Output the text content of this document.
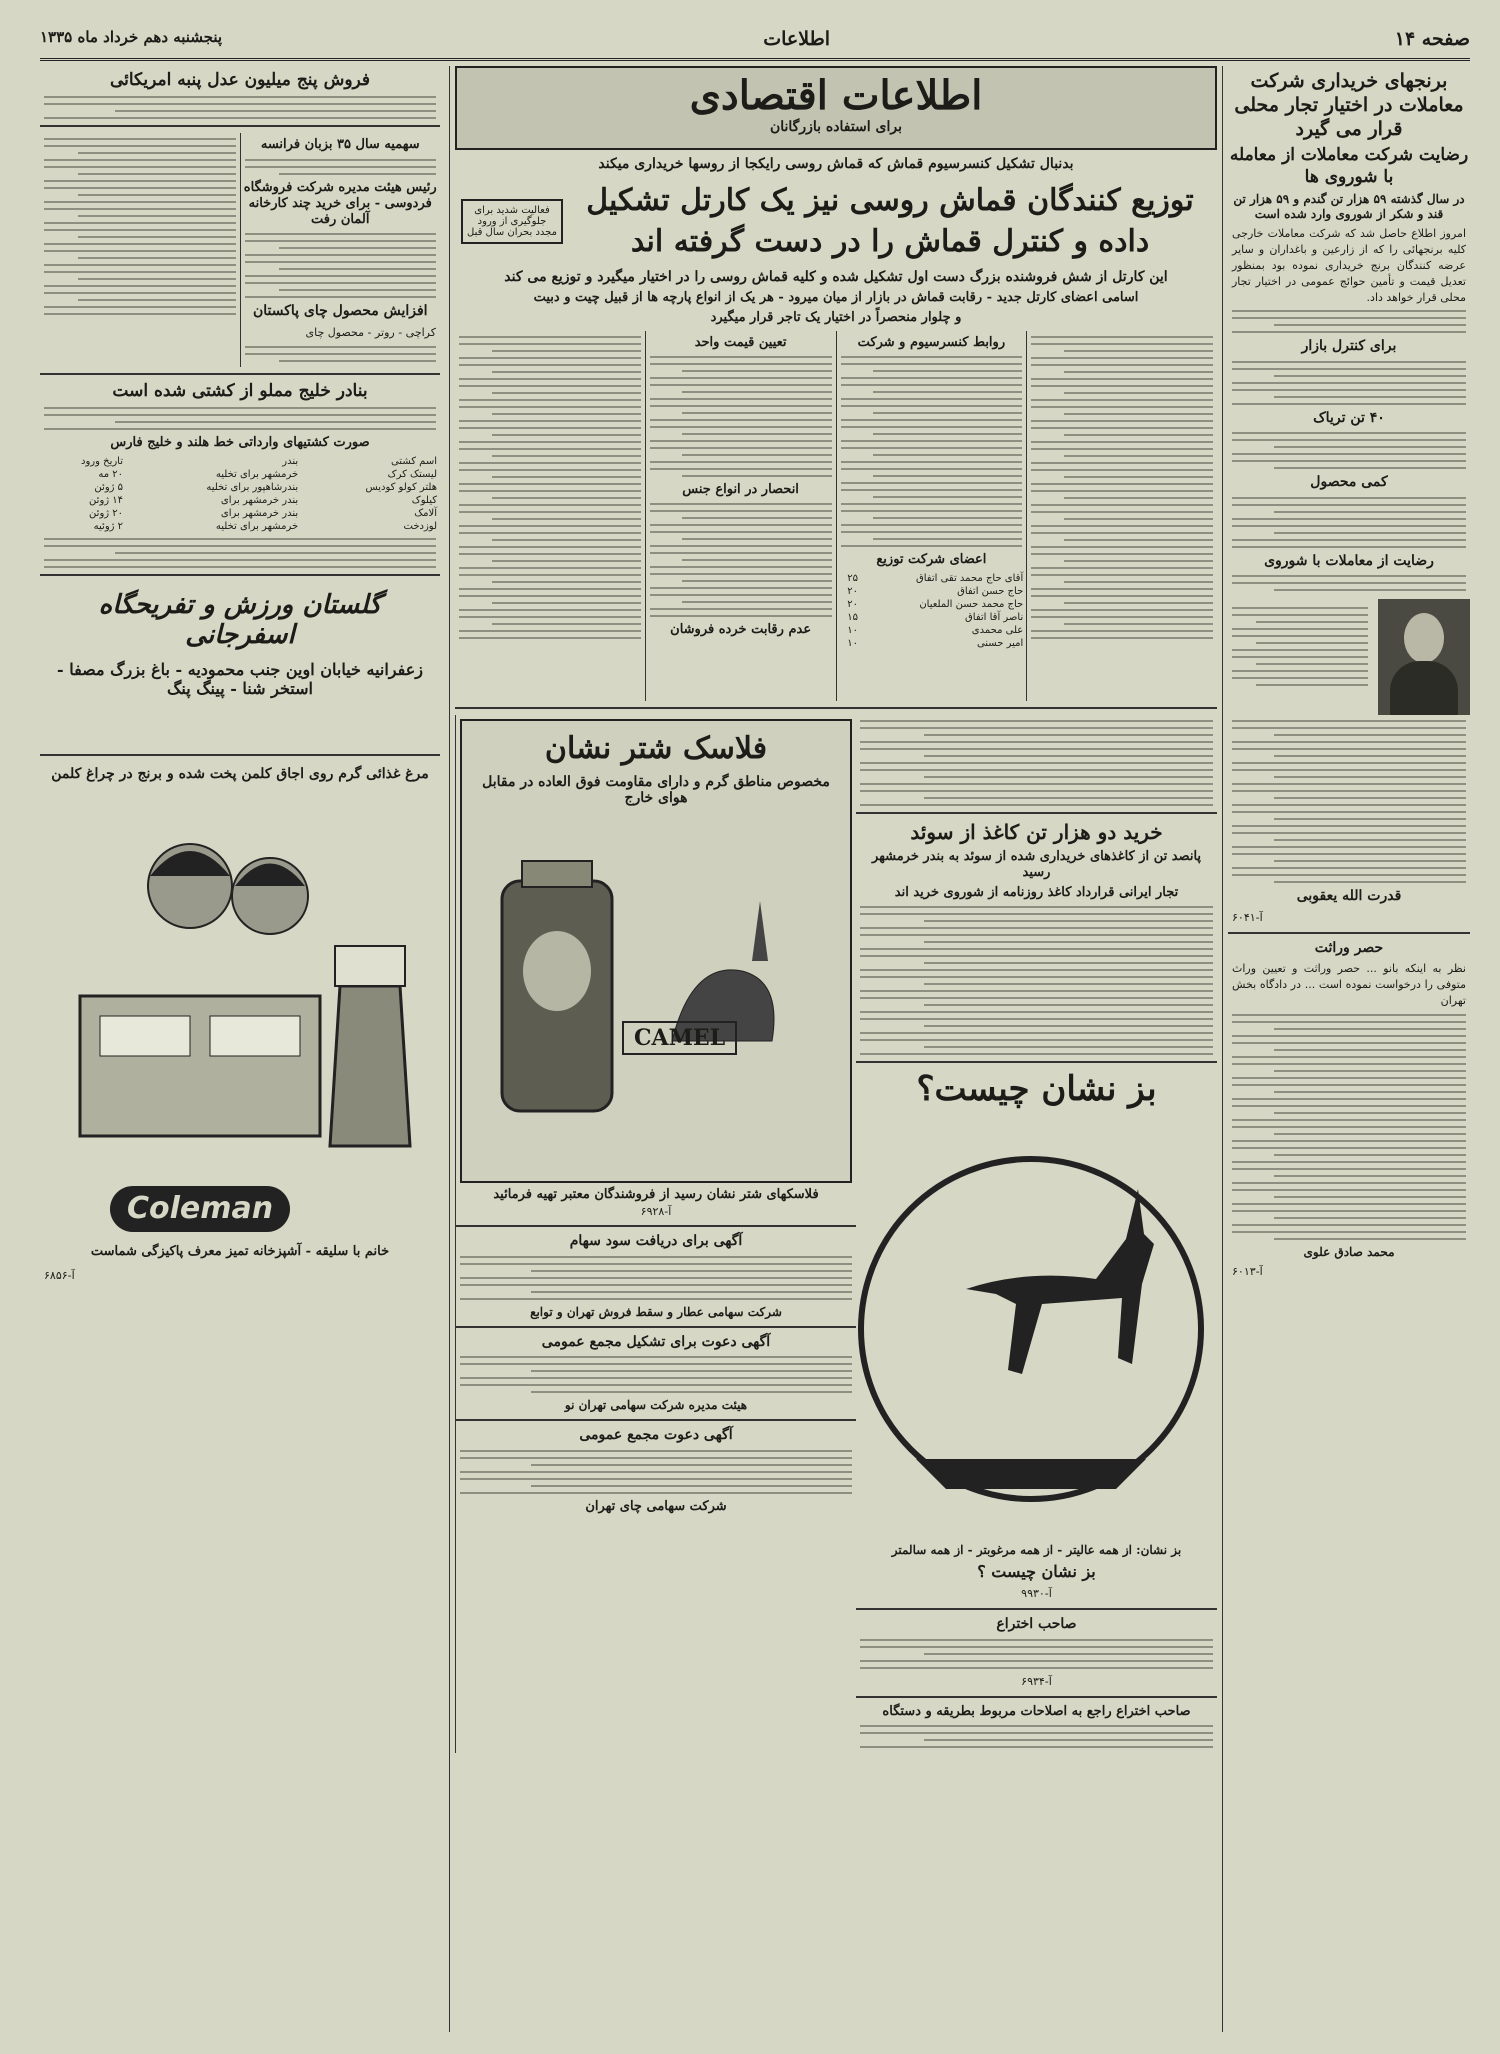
صفحه ۱۴
اطلاعات
پنجشنبه دهم خرداد ماه ۱۳۳۵
برنجهای خریداری شرکت معاملات در اختیار تجار محلی قرار می گیرد
رضایت شرکت معاملات از معامله با شوروی ها
در سال گذشته ۵۹ هزار تن گندم و ۵۹ هزار تن قند و شکر از شوروی وارد شده است
امروز اطلاع حاصل شد که شرکت معاملات خارجی کلیه برنجهائی را که از زارعین و باغداران و سایر عرضه کنندگان برنج خریداری نموده بود بمنظور تعدیل قیمت و تأمین حوائج عمومی در اختیار تجار محلی قرار خواهد داد.
برای کنترل بازار
۴۰ تن تریاک
کمی محصول
رضایت از معاملات با شوروی
قدرت الله یعقوبی
آ-۶۰۴۱
حصر وراثت
نظر به اینکه بانو ... حصر وراثت و تعیین وراث متوفی را درخواست نموده است ... در دادگاه بخش تهران
محمد صادق علوی
آ-۶۰۱۳
فروش پنج میلیون عدل پنبه امریکائی
سهمیه سال ۳۵ بزبان فرانسه
رئیس هیئت مدیره شرکت فروشگاه فردوسی - برای خرید چند کارخانه آلمان رفت
افزایش محصول چای پاکستان
کراچی - روتر - محصول چای
بنادر خلیج مملو از کشتی شده است
صورت کشتیهای وارداتی خط هلند و خلیج فارس
اسم کشتی	بندر	تاریخ ورود
لیستک کرک	خرمشهر برای تخلیه	۲۰ مه
هلتر کولو کودیس	بندرشاهپور برای تخلیه	۵ ژوئن
کیلوک	بندر خرمشهر برای	۱۴ ژوئن
آلامک	بندر خرمشهر برای	۲۰ ژوئن
لوزدخت	خرمشهر برای تخلیه	۲ ژوئیه
گلستان ورزش و تفریحگاه اسفرجانی
زعفرانیه خیابان اوین جنب محمودیه - باغ بزرگ مصفا - استخر شنا - پینگ پنگ
مرغ غذائی گرم روی اجاق کلمن پخت شده و برنج در چراغ کلمن
Coleman
خانم با سلیقه - آشپزخانه تمیز معرف پاکیزگی شماست
آ-۶۸۵۶
اطلاعات اقتصادی
برای استفاده بازرگانان
بدنبال تشکیل کنسرسیوم قماش که قماش روسی رایکجا از روسها خریداری میکند
توزیع کنندگان قماش روسی نیز یک کارتل تشکیل
داده و کنترل قماش را در دست گرفته اند
فعالیت شدید برای جلوگیری از ورود مجدد بحران سال قبل
این کارتل از شش فروشنده بزرگ دست اول تشکیل شده و کلیه قماش روسی را در اختیار میگیرد و توزیع می کند
اسامی اعضای کارتل جدید - رقابت قماش در بازار از میان میرود - هر یک از انواع پارچه ها از قبیل چیت و دبیت
و چلوار منحصراً در اختیار یک تاجر قرار میگیرد
روابط کنسرسیوم و شرکت
اعضای شرکت توزیع
آقای حاج محمد تقی اتفاق	۲۵
حاج حسن اتفاق	۲۰
حاج محمد حسن الملعیان	۲۰
ناصر آقا اتفاق	۱۵
علی محمدی	۱۰
امیر حسنی	۱۰
تعیین قیمت واحد
انحصار در انواع جنس
عدم رقابت خرده فروشان
فلاسک شتر نشان
مخصوص مناطق گرم و دارای مقاومت فوق العاده در مقابل هوای خارج
CAMEL
فلاسکهای شتر نشان رسید از فروشندگان معتبر تهیه فرمائید
آ-۶۹۲۸
آگهی برای دریافت سود سهام
شرکت سهامی عطار و سقط فروش تهران و توابع
آگهی دعوت برای تشکیل مجمع عمومی
هیئت مدیره شرکت سهامی تهران نو
آگهی دعوت مجمع عمومی
شرکت سهامی چای تهران
خرید دو هزار تن کاغذ از سوئد
پانصد تن از کاغذهای خریداری شده از سوئد به بندر خرمشهر رسید
تجار ایرانی قرارداد کاغذ روزنامه از شوروی خرید اند
بز نشان چیست؟
بز نشان: از همه عالیتر - از همه مرغوبتر - از همه سالمتر
بز نشان چیست ؟
آ-۹۹۳۰
صاحب اختراع
آ-۶۹۳۴
صاحب اختراع راجع به اصلاحات مربوط بطریقه و دستگاه
